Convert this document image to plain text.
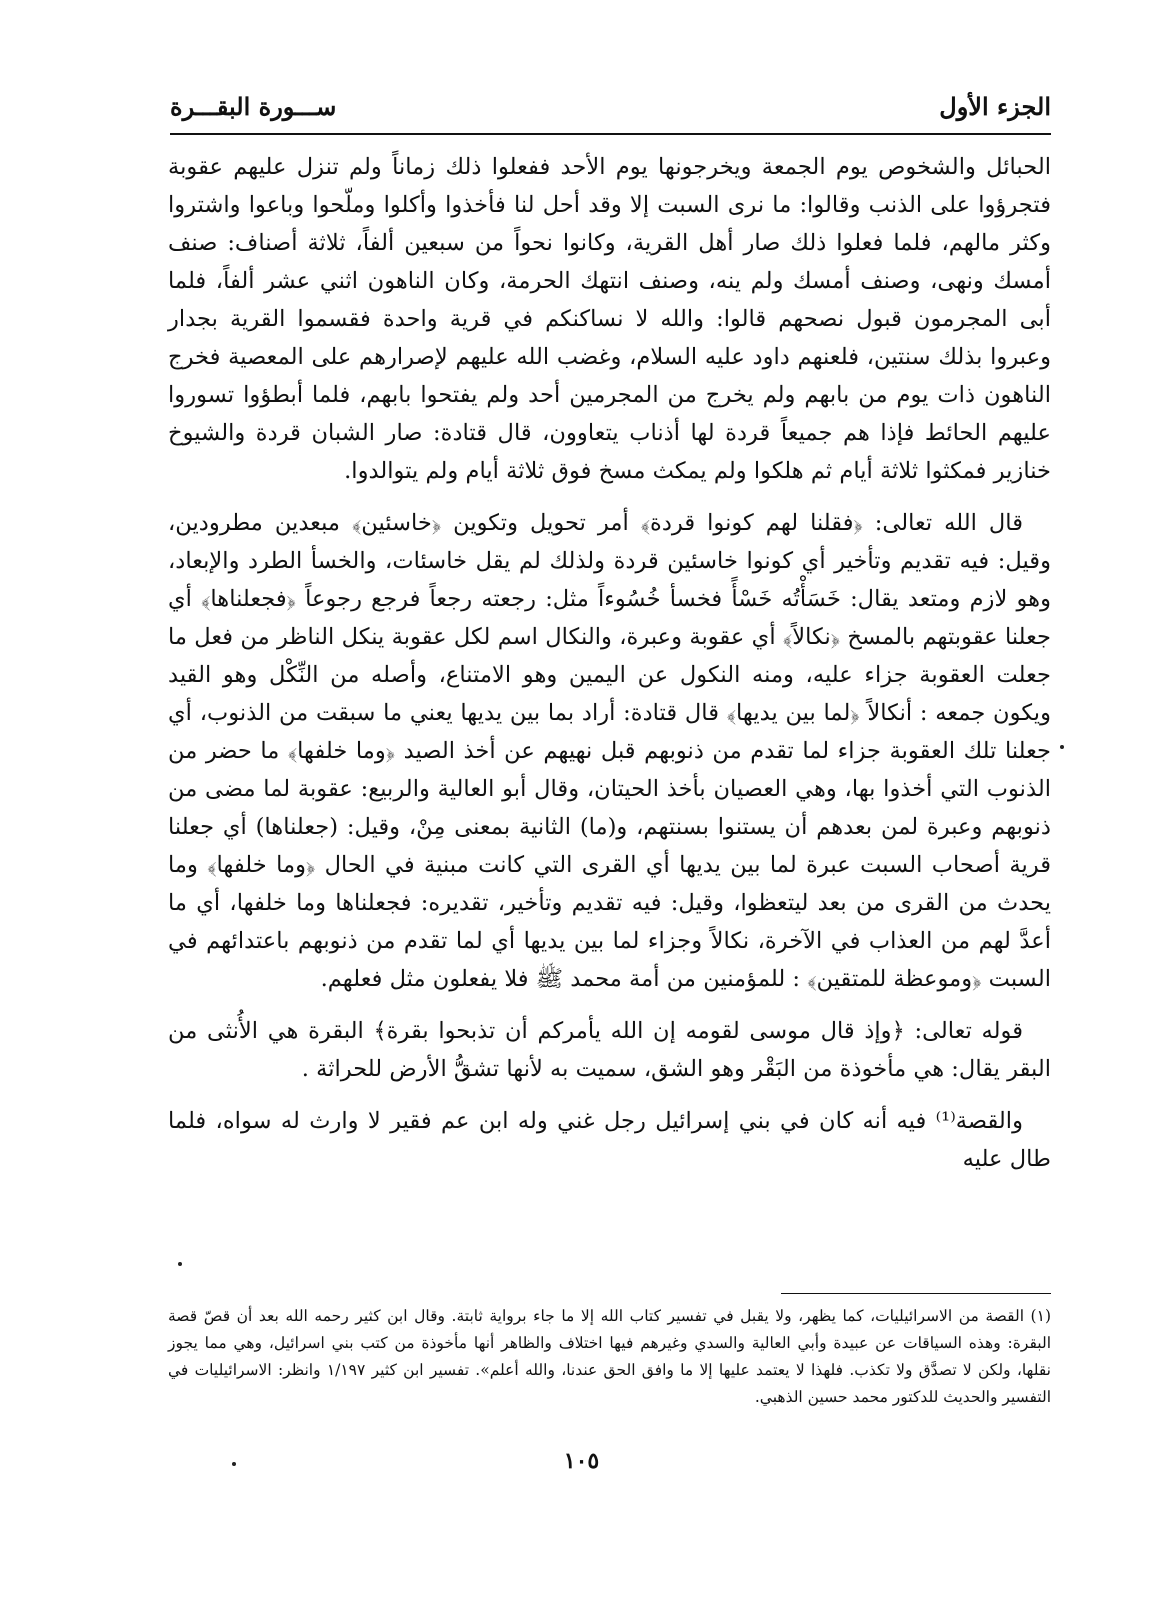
الجزء الأول
ســـورة البقـــرة

الحبائل والشخوص يوم الجمعة ويخرجونها يوم الأحد ففعلوا ذلك زماناً ولم تنزل عليهم عقوبة فتجرؤوا على الذنب وقالوا: ما نرى السبت إلا وقد أحل لنا فأخذوا وأكلوا وملّحوا وباعوا واشتروا وكثر مالهم، فلما فعلوا ذلك صار أهل القرية، وكانوا نحواً من سبعين ألفاً، ثلاثة أصناف: صنف أمسك ونهى، وصنف أمسك ولم ينه، وصنف انتهك الحرمة، وكان الناهون اثني عشر ألفاً، فلما أبى المجرمون قبول نصحهم قالوا: والله لا نساكنكم في قرية واحدة فقسموا القرية بجدار وعبروا بذلك سنتين، فلعنهم داود عليه السلام، وغضب الله عليهم لإصرارهم على المعصية فخرج الناهون ذات يوم من بابهم ولم يخرج من المجرمين أحد ولم يفتحوا بابهم، فلما أبطؤوا تسوروا عليهم الحائط فإذا هم جميعاً قردة لها أذناب يتعاوون، قال قتادة: صار الشبان قردة والشيوخ خنازير فمكثوا ثلاثة أيام ثم هلكوا ولم يمكث مسخ فوق ثلاثة أيام ولم يتوالدوا.

قال الله تعالى: ﴿فقلنا لهم كونوا قردة﴾ أمر تحويل وتكوين ﴿خاسئين﴾ مبعدين مطرودين، وقيل: فيه تقديم وتأخير أي كونوا خاسئين قردة ولذلك لم يقل خاسئات، والخسأ الطرد والإبعاد، وهو لازم ومتعد يقال: خَسَأْتُه خَسْأً فخسأ خُسُوءاً مثل: رجعته رجعاً فرجع رجوعاً ﴿فجعلناها﴾ أي جعلنا عقوبتهم بالمسخ ﴿نكالاً﴾ أي عقوبة وعبرة، والنكال اسم لكل عقوبة ينكل الناظر من فعل ما جعلت العقوبة جزاء عليه، ومنه النكول عن اليمين وهو الامتناع، وأصله من النِّكْل وهو القيد ويكون جمعه : أنكالاً ﴿لما بين يديها﴾ قال قتادة: أراد بما بين يديها يعني ما سبقت من الذنوب، أي جعلنا تلك العقوبة جزاء لما تقدم من ذنوبهم قبل نهيهم عن أخذ الصيد ﴿وما خلفها﴾ ما حضر من الذنوب التي أخذوا بها، وهي العصيان بأخذ الحيتان، وقال أبو العالية والربيع: عقوبة لما مضى من ذنوبهم وعبرة لمن بعدهم أن يستنوا بسنتهم، و(ما) الثانية بمعنى مِنْ، وقيل: (جعلناها) أي جعلنا قرية أصحاب السبت عبرة لما بين يديها أي القرى التي كانت مبنية في الحال ﴿وما خلفها﴾ وما يحدث من القرى من بعد ليتعظوا، وقيل: فيه تقديم وتأخير، تقديره: فجعلناها وما خلفها، أي ما أعدَّ لهم من العذاب في الآخرة، نكالاً وجزاء لما بين يديها أي لما تقدم من ذنوبهم باعتدائهم في السبت ﴿وموعظة للمتقين﴾ : للمؤمنين من أمة محمد ﷺ فلا يفعلون مثل فعلهم.

قوله تعالى: ﴿وإذ قال موسى لقومه إن الله يأمركم أن تذبحوا بقرة﴾ البقرة هي الأُنثى من البقر يقال: هي مأخوذة من البَقْر وهو الشق، سميت به لأنها تشقُّ الأرض للحراثة .

والقصة⁽¹⁾ فيه أنه كان في بني إسرائيل رجل غني وله ابن عم فقير لا وارث له سواه، فلما طال عليه

(١) القصة من الاسرائيليات، كما يظهر، ولا يقبل في تفسير كتاب الله إلا ما جاء برواية ثابتة. وقال ابن كثير رحمه الله بعد أن قصّ قصة البقرة: وهذه السياقات عن عبيدة وأبي العالية والسدي وغيرهم فيها اختلاف والظاهر أنها مأخوذة من كتب بني اسرائيل، وهي مما يجوز نقلها، ولكن لا تصدَّق ولا تكذب. فلهذا لا يعتمد عليها إلا ما وافق الحق عندنا، والله أعلم». تفسير ابن كثير ١/١٩٧ وانظر: الاسرائيليات في التفسير والحديث للدكتور محمد حسين الذهبي.

١٠٥
